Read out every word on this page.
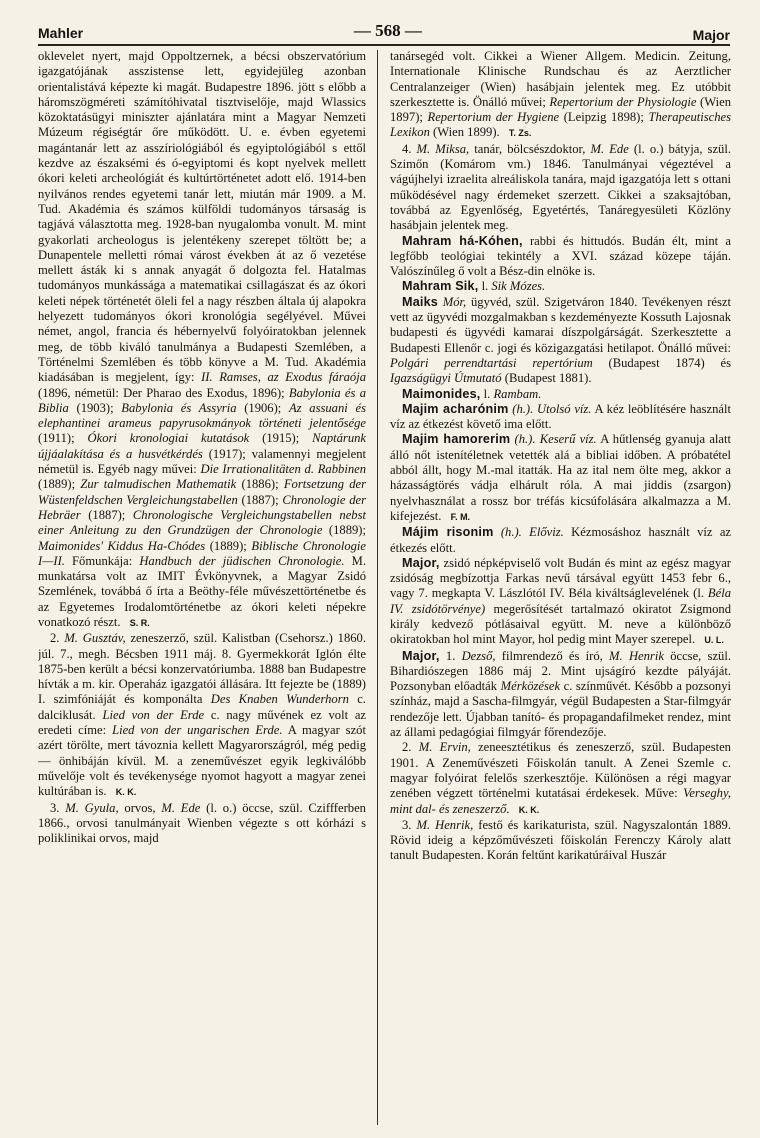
Mahler	— 568 —	Major

oklevelet nyert, majd Oppoltzernek, a bécsi obszervatórium igazgatójának asszistense lett, egyidejüleg azonban orientalistává képezte ki magát. Budapestre 1896. jött s előbb a háromszögméreti számítóhivatal tisztviselője, majd Wlassics közoktatásügyi miniszter ajánlatára mint a Magyar Nemzeti Múzeum régiségtár őre működött. U. e. évben egyetemi magántanár lett az asszíriológiából és egyiptológiából s ettől kezdve az északsémi és ó-egyiptomi és kopt nyelvek mellett ókori keleti archeológiát és kultúrtörténetet adott elő. 1914-ben nyilvános rendes egyetemi tanár lett, miután már 1909. a M. Tud. Akadémia és számos külföldi tudományos társaság is tagjává választotta meg. 1928-ban nyugalomba vonult. M. mint gyakorlati archeologus is jelentékeny szerepet töltött be; a Dunapentele melletti római várost években át az ő vezetése mellett ásták ki s annak anyagát ő dolgozta fel. Hatalmas tudományos munkássága a matematikai csillagászat és az ókori keleti népek történetét öleli fel a nagy részben általa új alapokra helyezett tudományos ókori kronológia segélyével. Művei német, angol, francia és hébernyelvű folyóiratokban jelennek meg, de több kiváló tanulmánya a Budapesti Szemlében, a Történelmi Szemlében és több könyve a M. Tud. Akadémia kiadásában is megjelent, így: II. Ramses, az Exodus fáraója (1896, németül: Der Pharao des Exodus, 1896); Babylonia és a Biblia (1903); Babylonia és Assyria (1906); Az assuani és elephantinei arameus papyrusokmányok történeti jelentősége (1911); Ókori kronologiai kutatások (1915); Naptárunk újjáalakítása és a husvétkérdés (1917); valamennyi megjelent németül is. Egyéb nagy művei: Die Irrationalitäten d. Rabbinen (1889); Zur talmudischen Mathematik (1886); Fortsetzung der Wüstenfeldschen Vergleichungstabellen (1887); Chronologie der Hebräer (1887); Chronologische Vergleichungstabellen nebst einer Anleitung zu den Grundzügen der Chronologie (1889); Maimonides' Kiddus Ha-Chódes (1889); Biblische Chronologie I—II. Főmunkája: Handbuch der jüdischen Chronologie. M. munkatársa volt az IMIT Évkönyvnek, a Magyar Zsidó Szemlének, továbbá ő írta a Beöthy-féle művészettörténetbe és az Egyetemes Irodalomtörténetbe az ókori keleti népekre vonatkozó részt. S. R.

2. M. Gusztáv, zeneszerző, szül. Kalistban (Csehorsz.) 1860. júl. 7., megh. Bécsben 1911 máj. 8. Gyermekkorát Iglón élte 1875-ben került a bécsi konzervatóriumba. 1888 ban Budapestre hívták a m. kir. Operaház igazgatói állására. Itt fejezte be (1889) I. szimfóniáját és komponálta Des Knaben Wunderhorn c. dalciklusát. Lied von der Erde c. nagy művének ez volt az eredeti címe: Lied von der ungarischen Erde. A magyar szót azért törölte, mert távoznia kellett Magyarországról, még pedig — önhibáján kívül. M. a zeneművészet egyik legkiválóbb művelője volt és tevékenysége nyomot hagyott a magyar zenei kultúrában is. K. K.

3. M. Gyula, orvos, M. Ede (l. o.) öccse, szül. Cziffferben 1866., orvosi tanulmányait Wienben végezte s ott kórházi s poliklinikai orvos, majd

tanársegéd volt. Cikkei a Wiener Allgem. Medicin. Zeitung, Internationale Klinische Rundschau és az Aerztlicher Centralanzeiger (Wien) hasábjain jelentek meg. Ez utóbbit szerkesztette is. Önálló művei; Repertorium der Physiologie (Wien 1897); Repertorium der Hygiene (Leipzig 1898); Therapeutisches Lexikon (Wien 1899). T. Zs.

4. M. Miksa, tanár, bölcsészdoktor, M. Ede (l. o.) bátyja, szül. Szimőn (Komárom vm.) 1846. Tanulmányai végeztével a vágújhelyi izraelita alreáliskola tanára, majd igazgatója lett s ottani működésével nagy érdemeket szerzett. Cikkei a szaksajtóban, továbbá az Egyenlőség, Egyetértés, Tanáregyesületi Közlöny hasábjain jelentek meg.

Mahram há-Kóhen, rabbi és hittudós. Budán élt, mint a legfőbb teológiai tekintély a XVI. század közepe táján. Valószínűleg ő volt a Bész-din elnöke is.

Mahram Sik, l. Sik Mózes.

Maiks Mór, ügyvéd, szül. Szigetváron 1840. Tevékenyen részt vett az ügyvédi mozgalmakban s kezdeményezte Kossuth Lajosnak budapesti és ügyvédi kamarai díszpolgárságát. Szerkesztette a Budapesti Ellenőr c. jogi és közigazgatási hetilapot. Önálló művei: Polgári perrendtartási repertórium (Budapest 1874) és Igazságügyi Útmutató (Budapest 1881).

Maimonides, l. Rambam.

Majim acharónim (h.). Utolsó víz. A kéz leöblítésére használt víz az étkezést követő ima előtt.

Majim hamorerim (h.). Keserű víz. A hűtlenség gyanuja alatt álló nőt istenítéletnek vetették alá a bibliai időben. A próbatétel abból állt, hogy M.-mal itatták. Ha az ital nem ölte meg, akkor a házasságtörés vádja elhárult róla. A mai jiddis (zsargon) nyelvhasználat a rossz bor tréfás kicsúfolására alkalmazza a M. kifejezést. F. M.

Májim risonim (h.). Előviz. Kézmosáshoz használt víz az étkezés előtt.

Major, zsidó népképviselő volt Budán és mint az egész magyar zsidóság megbízottja Farkas nevű társával együtt 1453 febr 6., vagy 7. megkapta V. Lászlótól IV. Béla kiváltságlevelének (l. Béla IV. zsidótörvénye) megerősítését tartalmazó okiratot Zsigmond király kedvező pótlásaival együtt. M. neve a különböző okiratokban hol mint Mayor, hol pedig mint Mayer szerepel. U. L.

Major, 1. Dezső, filmrendező és író, M. Henrik öccse, szül. Bihardiószegen 1886 máj 2. Mint ujságíró kezdte pályáját. Pozsonyban előadták Mérközések c. színművét. Később a pozsonyi színház, majd a Sascha-filmgyár, végül Budapesten a Star-filmgyár rendezője lett. Újabban tanító- és propagandafilmeket rendez, mint az állami pedagógiai filmgyár főrendezője.

2. M. Ervin, zeneesztétikus és zeneszerző, szül. Budapesten 1901. A Zeneművészeti Főiskolán tanult. A Zenei Szemle c. magyar folyóirat felelős szerkesztője. Különösen a régi magyar zenében végzett történelmi kutatásai érdekesek. Műve: Verseghy, mint dal- és zeneszerző. K. K.

3. M. Henrik, festő és karikaturista, szül. Nagyszalontán 1889. Rövid ideig a képzőművészeti főiskolán Ferenczy Károly alatt tanult Budapesten. Korán feltűnt karikatúráival Huszár
